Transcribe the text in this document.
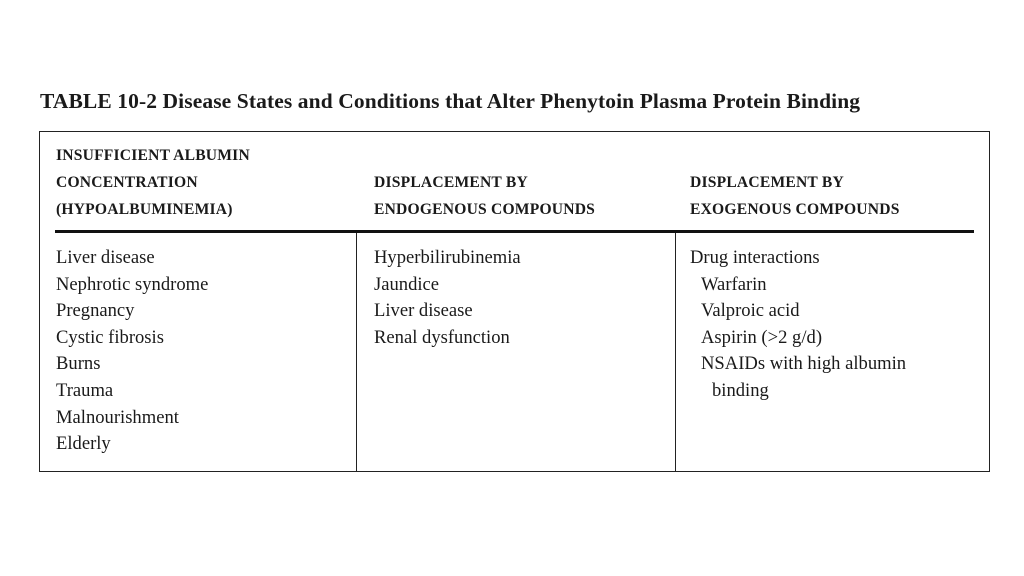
TABLE 10-2 Disease States and Conditions that Alter Phenytoin Plasma Protein Binding
INSUFFICIENT ALBUMIN
CONCENTRATION
(HYPOALBUMINEMIA)
DISPLACEMENT BY
ENDOGENOUS COMPOUNDS
DISPLACEMENT BY
EXOGENOUS COMPOUNDS
Liver disease
Nephrotic syndrome
Pregnancy
Cystic fibrosis
Burns
Trauma
Malnourishment
Elderly
Hyperbilirubinemia
Jaundice
Liver disease
Renal dysfunction
Drug interactions
Warfarin
Valproic acid
Aspirin (>2 g/d)
NSAIDs with high albumin
binding
